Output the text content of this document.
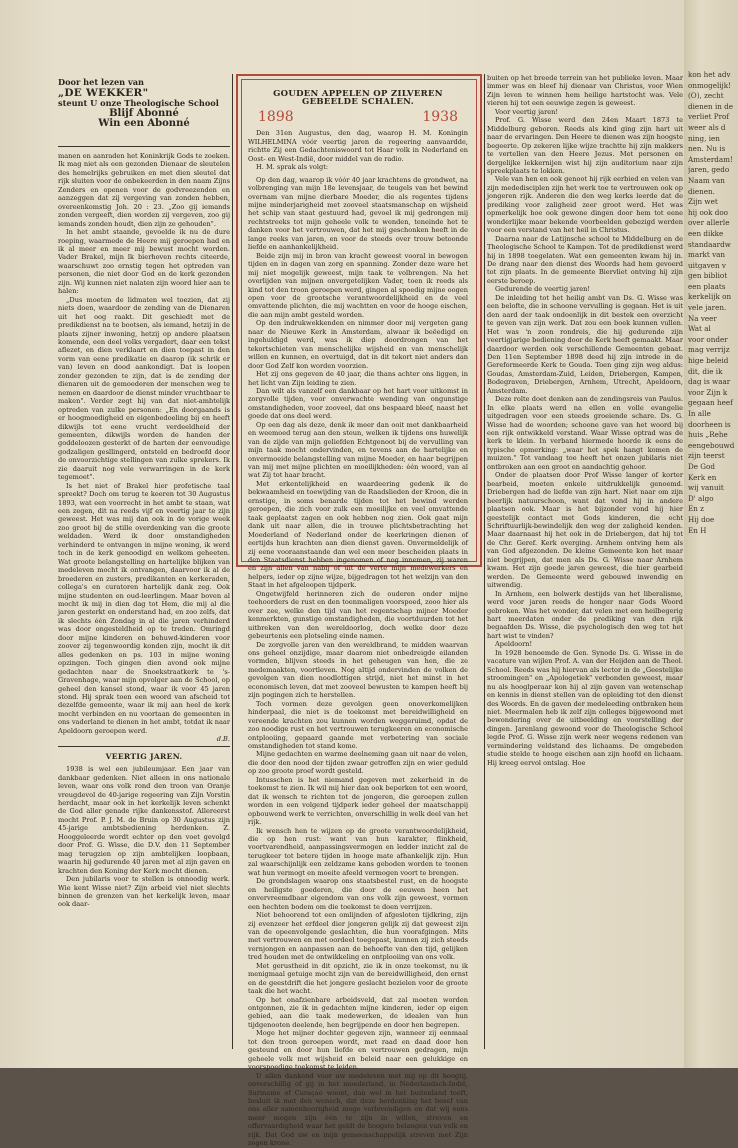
Door het lezen van
„DE WEKKER"
steunt U onze Theologische School
Blijf Abonné
Win een Abonné

manen en aanraden het Koninkrijk Gods te zoeken. Ik mag niet als een gezonden Dienaar de sleutelen des hemelrijks gebruiken en met dien sleutel dat rijk sluiten voor de onbekeerden in den naam Zijns Zenders en openen voor de godvreezenden en aanzeggen dat zij vergeving van zonden hebben, overeenkomstig Joh. 20 : 23. „Zoo gij iemands zonden vergeeft, dien worden zij vergeven, zoo gij iemands zonden houdt, dien zijn ze gehouden".

In het ambt staande, gevoelde ik nu de dure roeping, waarmede de Heere mij geroepen had en ik al meer en meer mij bewust mocht worden. Vader Brakel, mijn lk bierhoven rechts citeerde, waarschuwt zoo ernstig tegen het optreden van personen, die niet door God en de kerk gezonden zijn. Wij kunnen niet nalaten zijn woord hier aan te halen:

„Dus moeten de lidmaten wel toezien, dat zij niets doen, waardoor de zending van de Dienaren uit het oog raakt. Dit geschiedt met de predikdienst na te bootsen, als iemand, hetzij in de plaats zijner inwoning, hetzij op andere plaatsen komende, een deel volks vergadert, daar een tekst aflezet, en dien verklaart en dien toepast in den vorm van eene predikatie en daarop (ik schrik er van) leven en dood aankondigt. Dat is loopen zonder gezonden te zijn, dat is de zending der dienaren uit de gemoederen der menschen weg te nemen en daardoor de dienst minder vruchtbaar te maken". Verder zegt hij van dat niet-ambtelijk optreden van zulke personen: „En doorgaands is er hoogmoedigheid en eigenbedoeling bij en heeft dikwijls tot eene vrucht verdeeldheid der gemeenten, dikwijls worden de handen der goddeloozen gesterkt of de harten der eenvoudige godzaligen gesllingerd, ontsteld en bedroefd door de onvoorzichtige stellingen van zulke sprekers. Ik zie daaruit nog vele verwarringen in de kerk tegemoet".

Is het niet of Brakel hier profetische taal spreekt? Doch om terug te keeren tot 30 Augustus 1893, wat een voorrecht in het ambt te staan, wat een zegen, dit na reeds vijf en veertig jaar te zijn geweest. Het was mij dan ook in de vorige week zoo groot bij de stille overdenking van die groote weldaden. Werd ik door omstandigheden verhinderd te ontvangen in mijne woning, ik werd toch in de kerk genoodigd en welkom geheeten. Wat groote belangstelling en hartelijke blijken van medeleven mocht ik ontvangen, daarvoor ik al de broederen en zusters, predikanten en kerkeraden, collega's en curatoren hartelijk dank zeg. Ook mijne studenten en oud-leerlingen. Maar boven al mocht ik mij in dien dag tot Hem, die mij al die jaren gesterkt en onderstand had, en zoo zelfs, dat ik slechts één Zondag in al die jaren verhinderd was door ongesteldheid op te treden. Omringd door mijne kinderen en behuwd-kinderen voor zoover zij tegenwoordig konden zijn, mocht ik dit alles gedenken en ps. 103 in mijne woning opzingen. Toch gingen dien avond ook mijne gedachten naar de Snoekstraatkerk te 's-Gravenhage, waar mijn opvolger aan de School, op geheel den kansel stond, waar ik voor 45 jaren stond. Hij sprak toen een woord van afscheid tot dezelfde gemeente, waar ik mij aan heel de kerk mocht verbinden en nu voortaan de gemeenten in ons vaderland te dienen in het ambt, totdat ik naar Apeldoorn geroepen werd.

d.B.
VEERTIG JAREN.

1938 is wel een jubileumjaar. Een jaar van dankbaar gedenken. Niet alleen in ons nationale leven, waar ons volk rond den troon van Oranje vreugdevol de 40-jarige regeering van Zijn Vorstin herdacht, maar ook in het kerkelijk leven schenkt de God aller genade rijke dankensstof. Allereerst mocht Prof. P. J. M. de Bruin op 30 Augustus zijn 45-jarige ambtsbediening herdenken. Z. Hooggeleerde wordt echter op den voet gevolgd door Prof. G. Wisse, die D.V. den 11 September mag terugzien op zijn ambtelijken loopbaan, waarin hij gedurende 40 jaren met al zijn gaven en krachten den Koning der Kerk mocht dienen.

Den jubilaris voor te stellen is onnoodig werk. Wie kent Wisse niet? Zijn arbeid viel niet slechts binnen de grenzen van het kerkelijk leven, maar ook daar-

GOUDEN APPELEN OP ZILVEREN GEBEELDE SCHALEN.
1898	1938

Den 31en Augustus, den dag, waarop H. M. Koningin WILHELMINA vóór veertig jaren de regeering aanvaardde, richtte Zij een Gedachteniswoord tot Haar volk in Nederland en Oost- en West-Indië, door middel van de radio.

H. M. sprak als volgt:

Op den dag, waarop ik vóór 40 jaar krachtens de grondwet, na volbrenging van mijn 18e levensjaar, de teugels van het bewind overnam van mijne dierbare Moeder, die als regentes tijdens mijne minderjarigheid met zooveel staatsmanschap en wijsheid het schip van staat gestuurd had, gevoel ik mij gedrongen mij rechtstreeks tot mijn geheele volk te wenden, teneinde het te danken voor het vertrouwen, dat het mij geschonken heeft in de lange reeks van jaren, en voor de steeds over trouw betoonde liefde en aanhankelijkheid.

Beide zijn mij in bron van kracht geweest vooral in bewogen tijden en in dagen van zorg en spanning. Zonder deze ware het mij niet mogelijk geweest, mijn taak te volbrengen. Na het overlijden van mijnen onvergetelijken Vader, toen ik reeds als kind tot den troon geroepen werd, gingen al spoedig mijne oogen open voor de grootsche verantwoordelijkheid en de veel omvattende plichten, die mij wachtten en voor de hooge eischen, die aan mijn ambt gesteld worden.

Op den indrukwekkenden en nimmer door mij vergeten gang naar de Nieuwe Kerk in Amsterdam, alwaar ik beëedigd en ingehuldigd werd, was ik diep doordrongen van het tekortschieten van menschelijke wijsheid en van menschelijk willen en kunnen, en overtuigd, dat in dit tekort niet anders dan door God Zelf kon worden voorzien.

Het zij ons gegeven de 40 jaar, die thans achter ons liggen, in het licht van Zijn leiding te zien.

Dan wilt als vanzelf een dankbaar op het hart voor uitkomst in zorgvolle tijden, voor onverwachte wending van ongunstige omstandigheden, voor zooveel, dat ons bespaard bleef, naast het goede dat ons deel werd.

Op een dag als deze, denk ik meer dan ooit met dankbaarheid en weemoed terug aan den steun, welken ik tijdens ons huwelijk van de zijde van mijn geliefden Echtgenoot bij de vervulling van mijn taak mocht ondervinden, en tevens aan de hartelijke en onvermoeide belangstelling van mijne Moeder, en haar begrijpen van mij met mijne plichten en moeilijkheden: één woord, van al wat Zij tot haar bracht.

Met erkentelijkheid en waardeering gedenk ik de bekwaamheid en toewijding van de Raadslieden der Kroon, die in ernstige, in soms benarde tijden tot het bewind werden geroepen, die zich voor zulk een moeilijke en veel omvattende taak geplaatst zagen en ook hebben nog zien. Ook gaat mijn dank uit naar allen, die in trouwe plichtsbetrachting het Moederland of Nederland onder de keerkringen dienen of eertijds hun krachten aan dien dienst gaven. Onvermeldelijk of zij eene vooraanstaande dan wel een meer bescheiden plaats in den Staatsdienst hebben ingenomen of nog innemen, zij waren en zijn allen van nabij of uit de verte mijn medewerkers en helpers, ieder op zijne wijze, bijgedragen tot het welzijn van den Staat in het afgeloopen tijdperk.

Ongetwijfeld herinneren zich de ouderen onder mijne toehoorders de rust en den toenmaligen voorspoed, zooo hier als over zee, welke den tijd van het regentschap mijner Moeder kenmerkten, gunstige omstandigheden, die voortduurden tot het uitbreken van den wereldoorlog, doch welke door deze gebeurtenis een plotseling einde namen.

De zorgvolle jaren van den wereldbrand, te midden waarvan ons geheel onzijdige, maar daarom niet onbedreigde eilanden vormden, blijven steeds in het geheugen van hen, die ze medemaakten, voortleven. Nog altijd ondervinden de volken de gevolgen van dien noodlottigen strijd, niet het minst in het economisch leven, dat met zooveel bewusten te kampen heeft bij zijn pogingen zich te herstellen.

Toch vormen deze gevolgen geen onoverkomelijken hinderpaal, die niet is de toekomst met bereidwilligheid en vereende krachten zou kunnen worden weggeruimd, opdat de zoo noodige rust en het vertrouwen terugkeeren en economische ontplooiing, gepaard gaande met verbetering van sociale omstandigheden tot stand kome.

Mijne gedachten en warme deelneming gaan uit naar de velen, die door den nood der tijden zwaar getroffen zijn en wier geduld op zoo groote proef wordt gesteld.

Intusschen is het niemand gegeven met zekerheid in de toekomst te zien. Ik wil mij hier dan ook beperken tot een woord, dat ik wensch te richten tot de jongeren, die geroepen zullen worden in een volgend tijdperk ieder geheel der maatschappij opbouwend werk te verrichten, onverschillig in welk deel van het rijk.

Ik wensch hen te wijzen op de groote verantwoordelijkheid, die op hen rust: want van hun karakter, flinkheid, voortvarendheid, aanpassingsvermogen en ledder inzicht zal de terugkeer tot betere tijden in hooge mate afhankelijk zijn. Hun zal waarschijnlijk een zeldzame kans geboden worden te toonen wat hun vermogt en moeite afeeld vermogen voort te brengen.

De grondslagen waarop ons staatsbestel rust, en de hoogste en heiligste goederen, die door de eeuwen heen het onvervreemdbaar eigendom van ons volk zijn geweest, vormen een hechten bodem om die toekomst te doen verrijzen.

Niet behoorend tot een omlijnden of afgesloten tijdkring, zijn zij evenzeer het erfdeel dier jongeren gelijk zij dat geweest zijn van de opeenvolgende geslachten, die hun voorafgingen. Mits met vertrouwen en met oordeel toegepast, kunnen zij zich steeds vernjongen en aanpassen aan de behoefte van den tijd, gelijken tred houden met de ontwikkeling en ontplooiing van ons volk.

Met gerustheid in dit opzicht, zie ik in onze toekomst, nu ik menigmaal getuige mocht zijn van de bereidwilligheid, den ernst en de geestdrift die het jongere geslacht bezielen voor de groote taak die het wacht.

Op het onafzienbare arbeidsveld, dat zal moeten worden ontgonnen, zie ik in gedachten mijne kinderen, ieder op eigen gebied, aan die taak medewerken, de idealen van hun tijdgenooten deelende, hen begrijpende en door hen begrepen.

Moge het mijner dochter gegeven zijn, wanneer zij eenmaal tot den troon geroepen wordt, met raad en daad door hen gesteund en door hun liefde en vertrouwen gedragen, mijn geheele volk met wijsheid en beleid naar een gelukkige en voorspoedige toekomst te leiden.

U allen dankend voor uw medeleven met mij op dit hoogtij, onverschillig of gij in het moederland, in Nederlandsch-Indië, Suriname of Curaçao woont, dan wel in het buitenland toeft, besluit ik met den wensch, dat deze herdenking het besef van ons aller samenhoorigheid moge verlevendigen en dat wij eens meer mogen zijn één te zijn in willen, streven en offervaardigheid waar het geldt de hoogste belangen van volk en rijk. Dat God uw en mijn gemeenschappelijk streven met Zijn zegen krone.

buiten op het breede terrein van het publieke leven. Maar immer was en bleef hij dienaar van Christus, voor Wien Zijn leven te winnen hem heilige hartstocht was. Vele vieren hij tot een eeuwige zegen is geweest.

Voor veertig jaren!

Prof. G. Wisse werd den 24en Maart 1873 te Middelburg geboren. Reeds als kind ging zijn hart uit naar de ervaringen. Den Heere te dienen was zijn hoogste begeerte. Op zekeren lijke wijze trachtte hij zijn makkers te vertellen van den Heere Jezus. Met personen en dergelijke lekkernijen wist hij zijn auditorium naar zijn spreekplaats te lokken.

Vele van hen en ook genoot hij rijk eerbied en velen van zijn mededisciplen zijn het werk toe te vertrouwen ook op jongeren rijk. Anderen die den weg kerks leerde dat de prediking voor zaligheid zeer groot werd. Het was opmerkelijk hoe ook gewone dingen door hem tot eene wonderlijke maar bekende voorbeelden gebezigd werden voor een verstand van het heil in Christus.

Daarna naar de Latijnsche school te Middelburg en de Theologische School te Kampen. Tot de predikdienst werd hij in 1898 toegelaten. Wat een gemeenten kwam hij in. De drang naar den dienst des Woords had hem gevoerd tot zijn plaats. In de gemeente Biervliet ontving hij zijn eerste beroep.

Gedurende de veertig jaren!

De inleiding tot het heilig ambt van Ds. G. Wisse was een belofte, die in schoone vervulling is gegaan. Het is uit den aard der taak ondoenlijk in dit bestek een overzicht te geven van zijn werk. Dat zou een boek kunnen vullen. Het was 'n zoon rondreis, die hij gedurende zijn veertigjarige bediening door de Kerk heeft gemaakt. Maar daardoor werden ook verschillende Gemeenten gebaat. Den 11en September 1898 deed hij zijn intrede in de Gereformeerde Kerk te Gouda. Toen ging zijn weg aldus: Goudas, Amsterdam-Zuid, Leiden, Driebergen, Kampen, Bodegraven, Driebergen, Arnhem, Utrecht, Apeldoorn, Amsterdam.

Deze rolte doet denken aan de zendingsreis van Paulus. In elke plaats werd na ellen en volle evangelie uitgedragen voor een steeds groeiende schare. Ds. G. Wisse had de woorden; schoone gave van het woord bij een rijk ontwikkeld verstand. Waar Wisse optrad was de kerk te klein. In verband hiermede hoorde ik eens de typische opmerking: „waar het spek hangt komen de muizen." Tot vandaag toe heeft het onzen jubilaris niet ontbroken aan een groot en aandachtig gehoor.

Onder de plaatsen door Prof Wisse langer of korter bearbeid, moeten enkele uitdrukkelijk genoemd. Driebergen had de liefde van zijn hart. Niet naar om zijn heerlijk natuurschoon, want dat vond hij in andere plaatsen ook. Maar is het bijzonder vond hij hier geestelijk contact met Gods kinderen, die echt Schriftuurlijk-bewindelijk den weg der zaligheid kenden. Maar daarnaast hij het ook in de Driebergen, dat hij tot de Chr. Geref. Kerk overging. Arnhem ontving hem als van God afgezonden. De kleine Gemeente kon het maar niet begrijpen, dat men als Ds. G. Wisse naar Arnhem kwam. Het zijn goede jaren geweest, die hier gearbeid werden. De Gemeente werd gebouwd inwendig en uitwendig.

In Arnhem, een bolwerk destijds van het liberalisme, werd voor jaren reeds de honger naar Gods Woord gebroken. Was het wonder, dat velen met een heilbegerig hart meerdaten onder de prediking van den rijk begaafden Ds. Wisse, die psychologisch den weg tot het hart wist te vinden?

Apeldoorn!

In 1928 benoemde de Gen. Synode Ds. G. Wisse in de vacature van wijlen Prof. A. van der Heijden aan de Theol. School. Reeds was hij hiervan als lector in de „Geestelijke stroomingen" en „Apologetiek" verbonden geweest, maar nu als hooglperaar kon hij al zijn gaven van wetenschap en kennis in dienst stellen van de opleiding tot den dienst des Woords. En de gaven der medeleeding ontbraken hem niet. Meermalen heb ik zelf zijn colleges bijgewoond met bewondering over de uitbeelding en voorstelling der dingen. Jarenlang gewoond voor de Theologische School legde Prof. G. Wisse zijn werk neer wegens redenen van vermindering veldstand des lichaams. De omgebeden studie stelde te hooge eischen aan zijn hoofd en lichaam. Hij kreeg eervol ontslag. Hoe

kon het adv
onmogelijk!
(O), zecht
dienen in de
verliet Prof
weer als d
ning, ien
nen. Nu is
Amsterdam!
jaren, gedo
Naam van
dienen.
Zijn wet
hij ook doo
over allerle
een dikke
standaardw
markt van
uitgaven v
gen bibliot
een plaats
kerkelijk on
vele jaren.
Na veer
Wat al
voor onder
mag verrijz
hige beleid
dit, die ik
dag is waar
voor Zijn k
gegaan heef
In alle
doorheen is
huis „Rehe
eengebouwd
zijn teerst
De God
Kerk en
wij vanuit
D' algo
En z
Hij doe
En H
